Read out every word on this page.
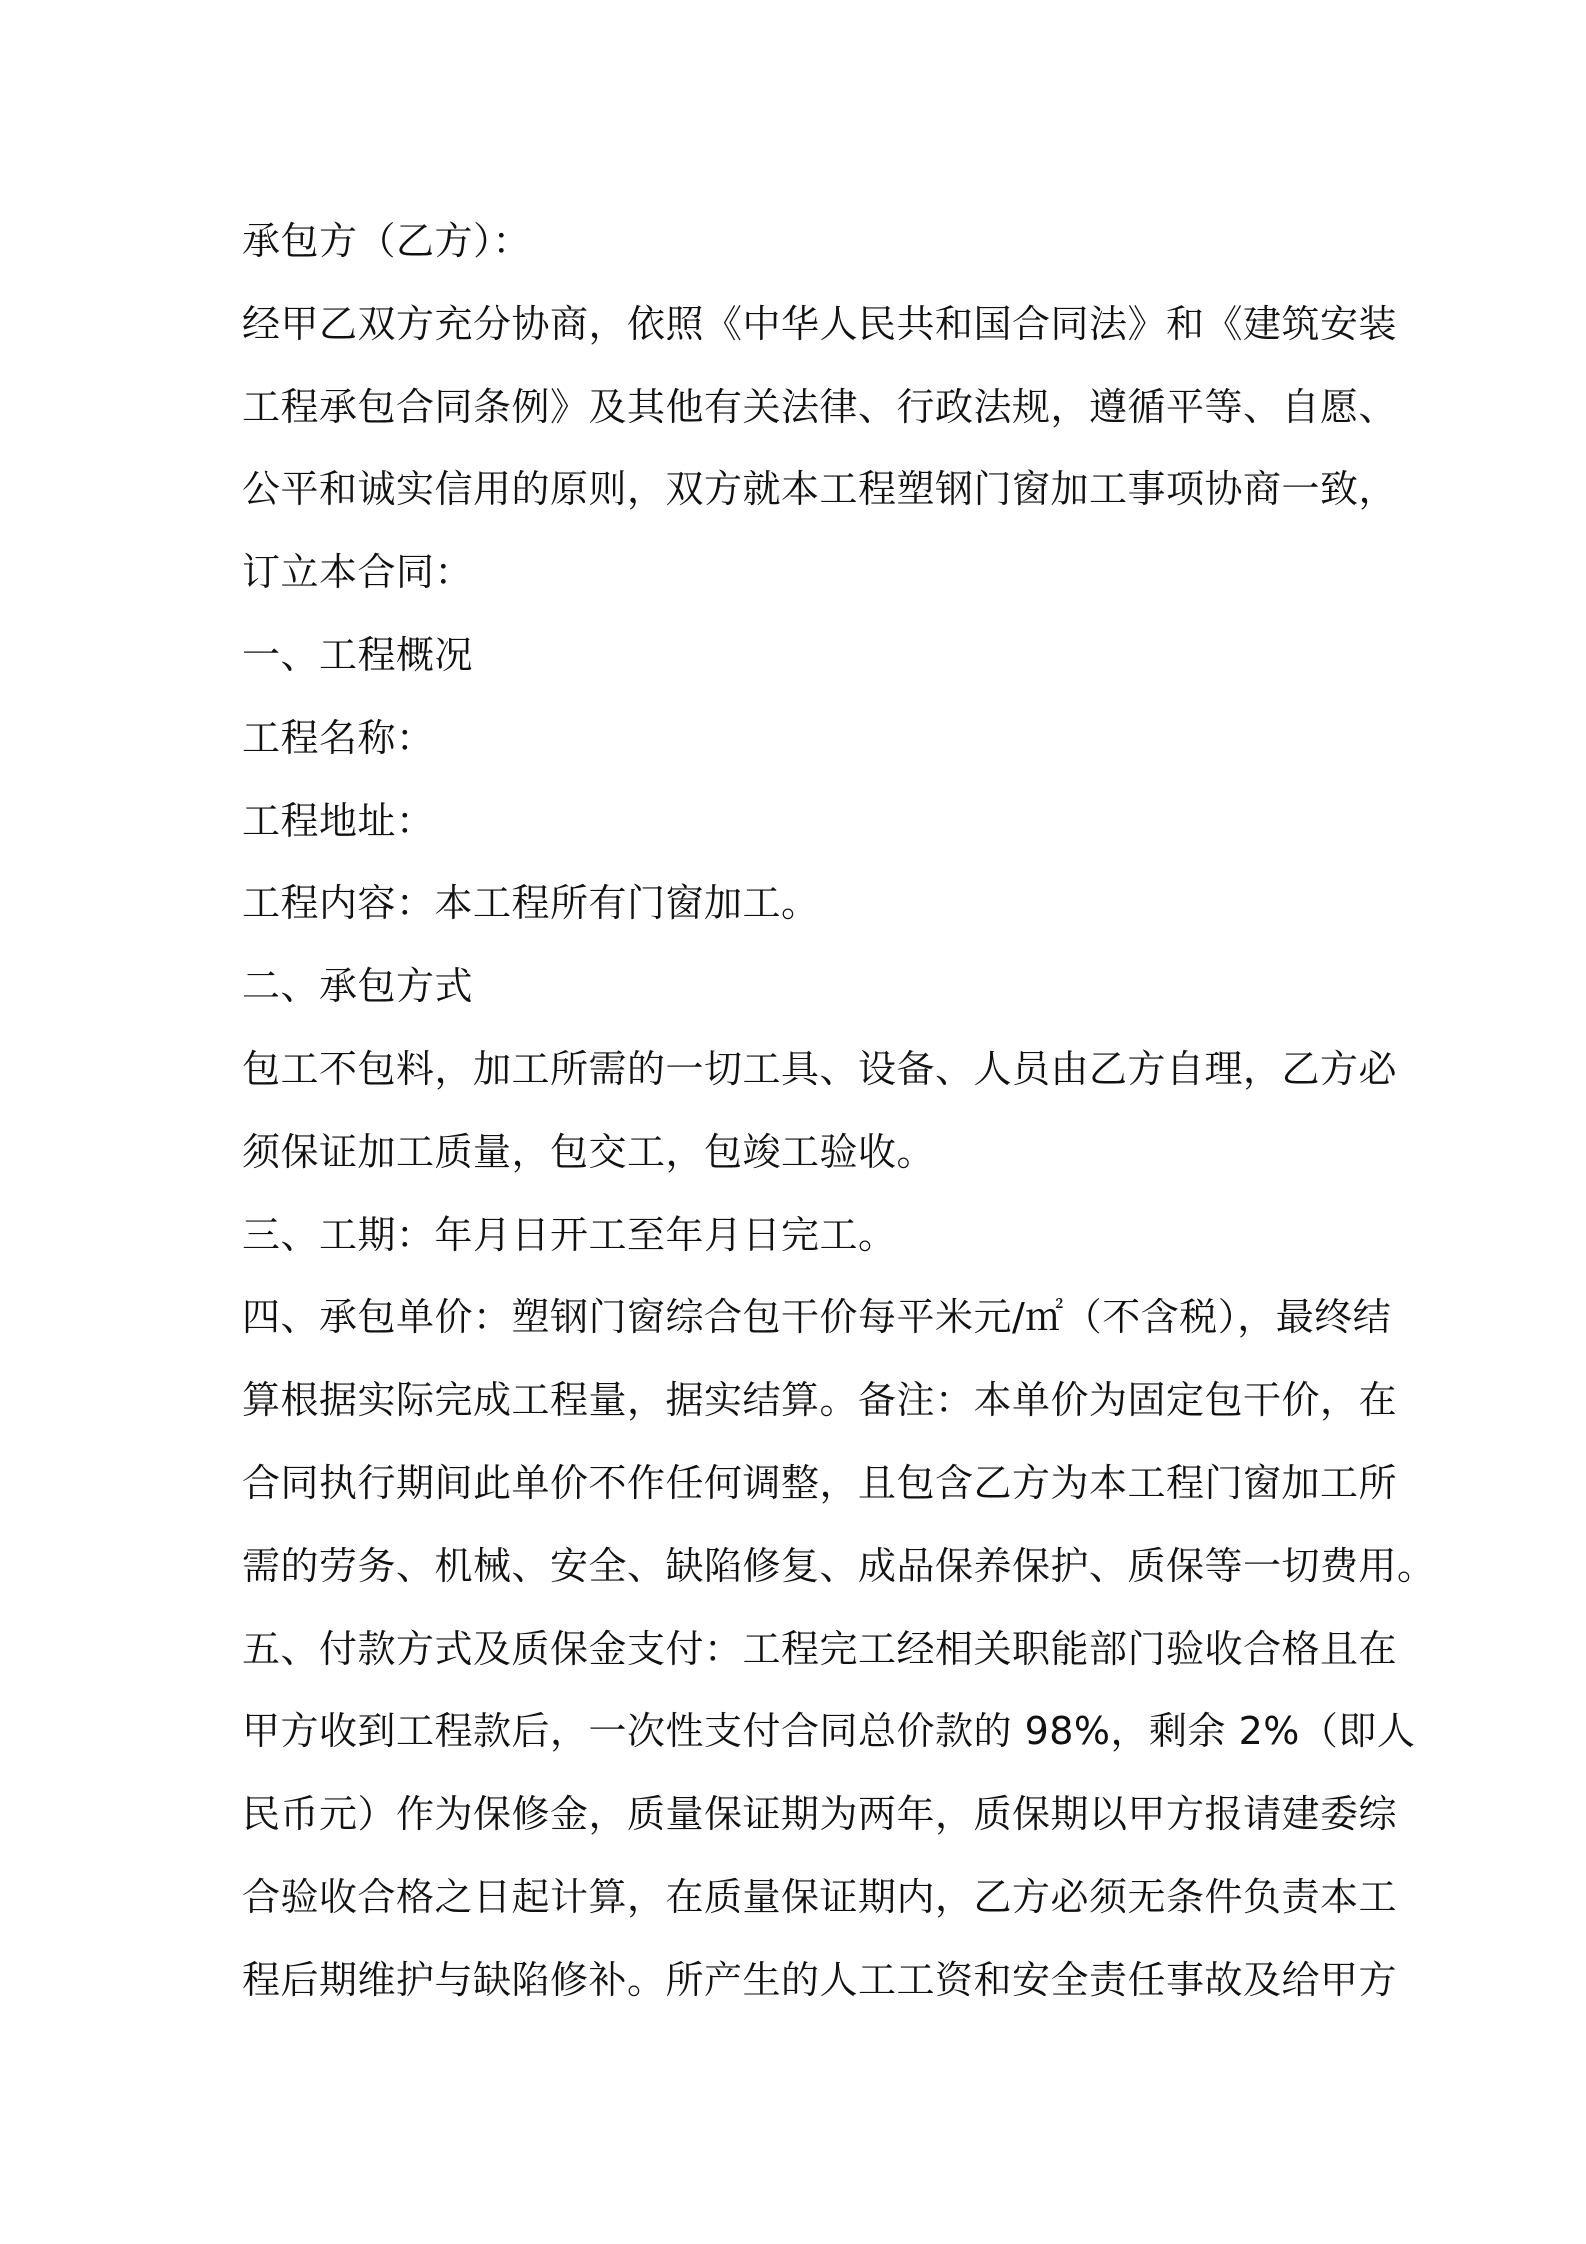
承包方（乙方）：
经甲乙双方充分协商，依照《中华人民共和国合同法》和《建筑安装
工程承包合同条例》及其他有关法律、行政法规，遵循平等、自愿、
公平和诚实信用的原则，双方就本工程塑钢门窗加工事项协商一致，
订立本合同：
一、工程概况
工程名称：
工程地址：
工程内容：本工程所有门窗加工。
二、承包方式
包工不包料，加工所需的一切工具、设备、人员由乙方自理，乙方必
须保证加工质量，包交工，包竣工验收。
三、工期：年月日开工至年月日完工。
四、承包单价：塑钢门窗综合包干价每平米元/㎡（不含税），最终结
算根据实际完成工程量，据实结算。备注：本单价为固定包干价，在
合同执行期间此单价不作任何调整，且包含乙方为本工程门窗加工所
需的劳务、机械、安全、缺陷修复、成品保养保护、质保等一切费用。
五、付款方式及质保金支付：工程完工经相关职能部门验收合格且在
甲方收到工程款后，一次性支付合同总价款的 98%，剩余 2%（即人
民币元）作为保修金，质量保证期为两年，质保期以甲方报请建委综
合验收合格之日起计算，在质量保证期内，乙方必须无条件负责本工
程后期维护与缺陷修补。所产生的人工工资和安全责任事故及给甲方
